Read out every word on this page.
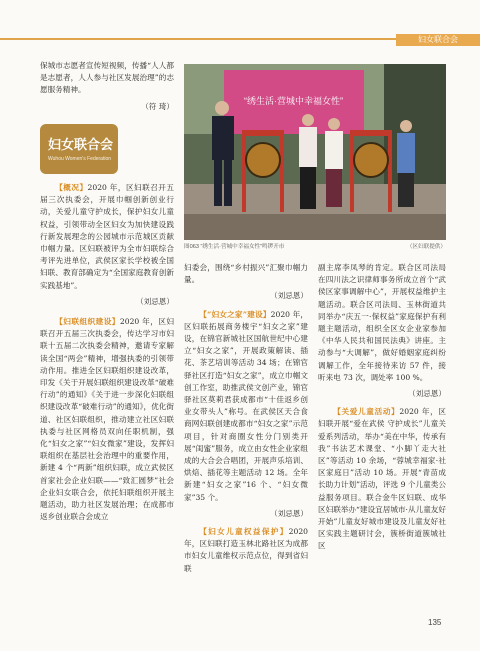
妇女联合会

保城市志愿者宣传短视频，传播“人人都是志愿者，人人参与社区发展治理”的志愿服务精神。

（符 琦）
妇女联合会
Wuhou Women's Federation

【概况】2020 年，区妇联召开五届三次执委会，开展巾帼创新创业行动，关爱儿童守护成长，保护妇女儿童权益，引领带动全区妇女为加快建设践行新发展理念的公园城市示范城区贡献巾帼力量。区妇联被评为全市妇联综合考评先进单位，武侯区家长学校被全国妇联、教育部确定为“全国家庭教育创新实践基地”。

（刘忌恩）

【妇联组织建设】2020 年，区妇联召开五届三次执委会，传达学习市妇联十五届二次执委会精神，邀请专家解读全国“两会”精神，增强执委的引领带动作用。推进全区妇联组织建设改革，印发《关于开展妇联组织建设改革“破难行动”的通知》《关于进一步深化妇联组织建设改革“破难行动”的通知》，优化街道、社区妇联组织，推动建立社区妇联执委与社区网格员双向任职机制，强化“妇女之家”“妇女微家”建设，发挥妇联组织在基层社会治理中的重要作用，新建 4 个“两新”组织妇联，成立武侯区首家社会企业妇联——“致汇圆梦”社会企业妇女联合会，依托妇联组织开展主题活动，助力社区发展治理；在成都市返乡创业联合会成立

“绣生活·营城中幸福女性”
图063 “绣生活·营城中幸福女性”鸣锣开市	（区妇联提供）

妇委会，围绕“乡村振兴”汇聚巾帼力量。

（刘忌恩）

【“妇女之家”建设】2020 年，区妇联拓展商务楼宇“妇女之家”建设，在锦官新城社区国航世纪中心建立“妇女之家”，开展政策解读、插花、茶艺培训等活动 34 场；在锦官驿社区打造“妇女之家”，成立巾帼文创工作室，助推武侯文创产业，锦官驿社区莫莉君获成都市“十佳返乡创业女带头人”称号。在武侯区天合食商网妇联创建成都市“妇女之家”示范项目，针对商圈女性分门别类开展“闺蜜”服务，成立由女性企业家组成的大合会合唱团，开展声乐培训、烘焙、插花等主题活动 12 场。全年新建“妇女之家”16 个、“妇女微家”35 个。

（刘忌恩）

【妇女儿童权益保护】2020 年，区妇联打造玉林北路社区为成都市妇女儿童维权示范点位，得到省妇联

副主席李凤琴的肯定。联合区司法局在四川法之识律师事务所成立首个“武侯区家事调解中心”，开展权益维护主题活动。联合区司法局、玉林街道共同举办“庆五一·保权益”家庭保护有利题主题活动，组织全区女企业家参加《中华人民共和国民法典》讲座。主动参与“大调解”，做好婚姻家庭纠纷调解工作，全年接待来访 57 件，接听来电 73 次，调处率 100 %。

（刘忌恩）

【关爱儿童活动】2020 年，区妇联开展“爱在武侯 守护成长”儿童关爱系列活动，举办“美在中华，传承有我”书法艺术课堂、“小脚丫走大社区”等活动 10 余场，“蓉城幸福家·社区家庭日”活动 10 场。开展“青苗成长助力计划”活动，评选 9 个儿童类公益服务项目。联合金牛区妇联、成华区妇联举办“建设宜居城市·从儿童友好开始”儿童友好城市建设及儿童友好社区实践主题研讨会，簇桥街道簇城社区

135
